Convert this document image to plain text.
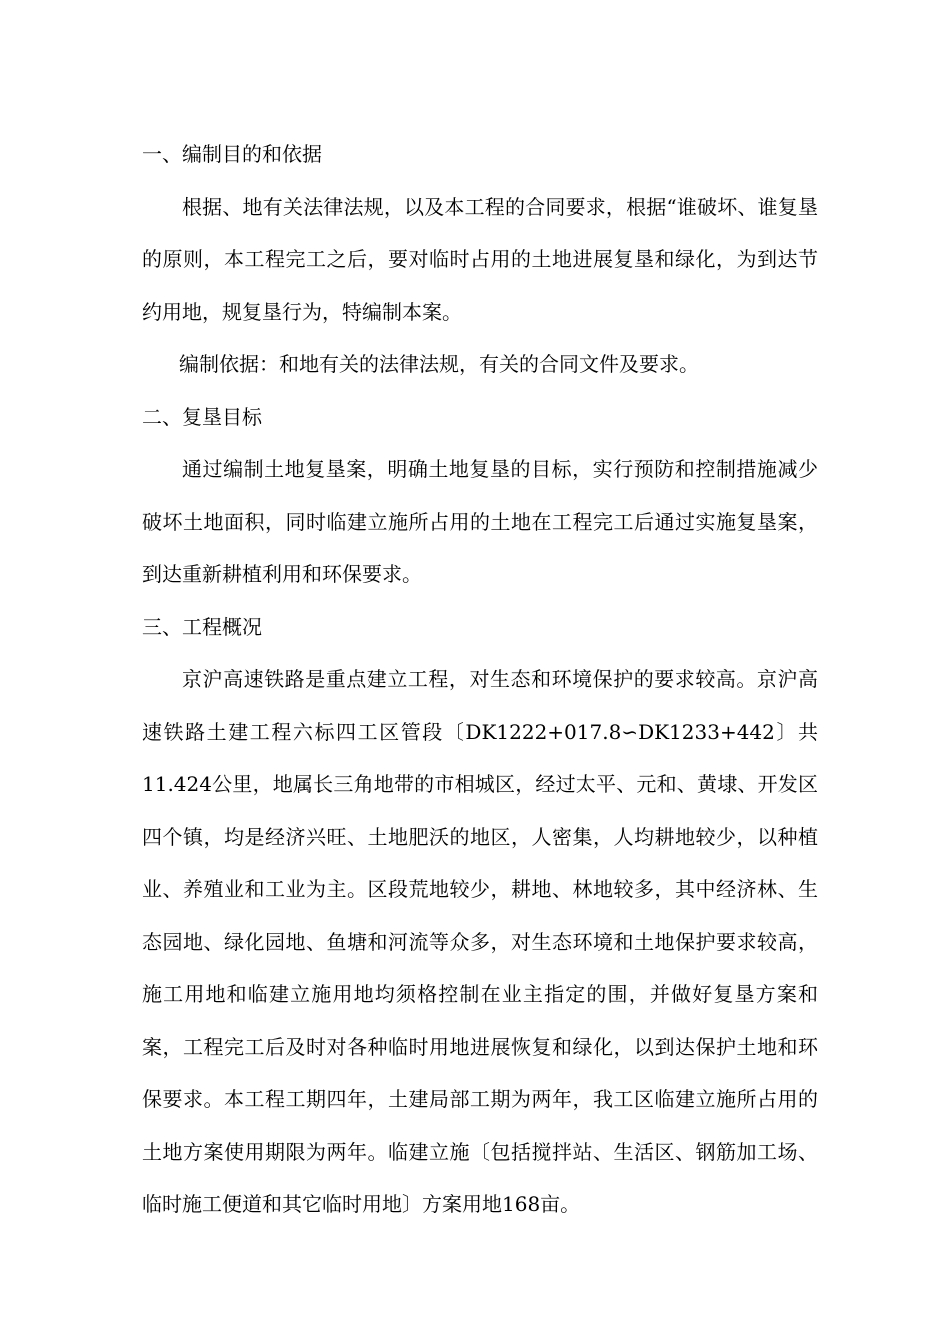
一、编制目的和依据

根据、地有关法律法规，以及本工程的合同要求，根据“谁破坏、谁复垦 的原则，本工程完工之后，要对临时占用的土地进展复垦和绿化，为到达节约用地，规复垦行为，特编制本案。

编制依据：和地有关的法律法规，有关的合同文件及要求。

二、复垦目标

通过编制土地复垦案，明确土地复垦的目标，实行预防和控制措施减少破坏土地面积，同时临建立施所占用的土地在工程完工后通过实施复垦案，到达重新耕植利用和环保要求。

三、工程概况

京沪高速铁路是重点建立工程，对生态和环境保护的要求较高。京沪高速铁路土建工程六标四工区管段〔DK1222+017.8∽DK1233+442〕共11.424公里，地属长三角地带的市相城区，经过太平、元和、黄埭、开发区四个镇，均是经济兴旺、土地肥沃的地区，人密集，人均耕地较少，以种植业、养殖业和工业为主。区段荒地较少，耕地、林地较多，其中经济林、生态园地、绿化园地、鱼塘和河流等众多，对生态环境和土地保护要求较高，施工用地和临建立施用地均须格控制在业主指定的围，并做好复垦方案和案，工程完工后及时对各种临时用地进展恢复和绿化，以到达保护土地和环保要求。本工程工期四年，土建局部工期为两年，我工区临建立施所占用的土地方案使用期限为两年。临建立施〔包括搅拌站、生活区、钢筋加工场、临时施工便道和其它临时用地〕方案用地168亩。
